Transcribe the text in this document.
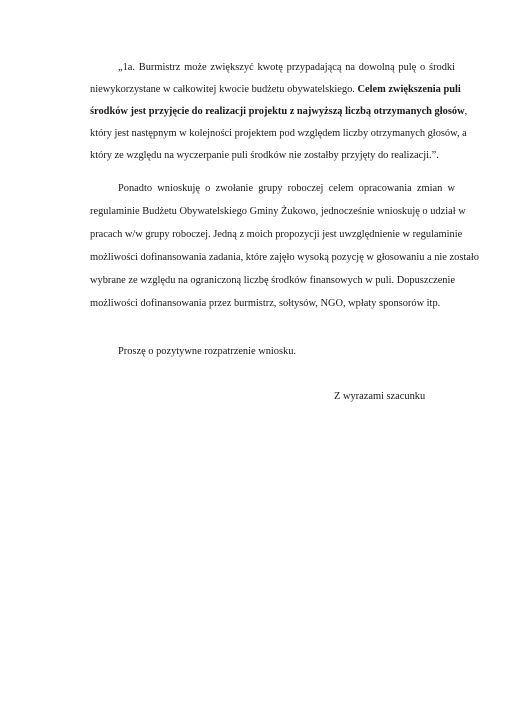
„1a. Burmistrz może zwiększyć kwotę przypadającą na dowolną pulę o środki
niewykorzystane w całkowitej kwocie budżetu obywatelskiego. Celem zwiększenia puli
środków jest przyjęcie do realizacji projektu z najwyższą liczbą otrzymanych głosów,
który jest następnym w kolejności projektem pod względem liczby otrzymanych głosów, a
który ze względu na wyczerpanie puli środków nie zostałby przyjęty do realizacji.”.
Ponadto wnioskuję o zwołanie grupy roboczej celem opracowania zmian w
regulaminie Budżetu Obywatelskiego Gminy Żukowo, jednocześnie wnioskuję o udział w
pracach w/w grupy roboczej. Jedną z moich propozycji jest uwzględnienie w regulaminie
możliwości dofinansowania zadania, które zajęło wysoką pozycję w głosowaniu a nie zostało
wybrane ze względu na ograniczoną liczbę środków finansowych w puli. Dopuszczenie
możliwości dofinansowania przez burmistrz, sołtysów, NGO, wpłaty sponsorów itp.
Proszę o pozytywne rozpatrzenie wniosku.
Z wyrazami szacunku
